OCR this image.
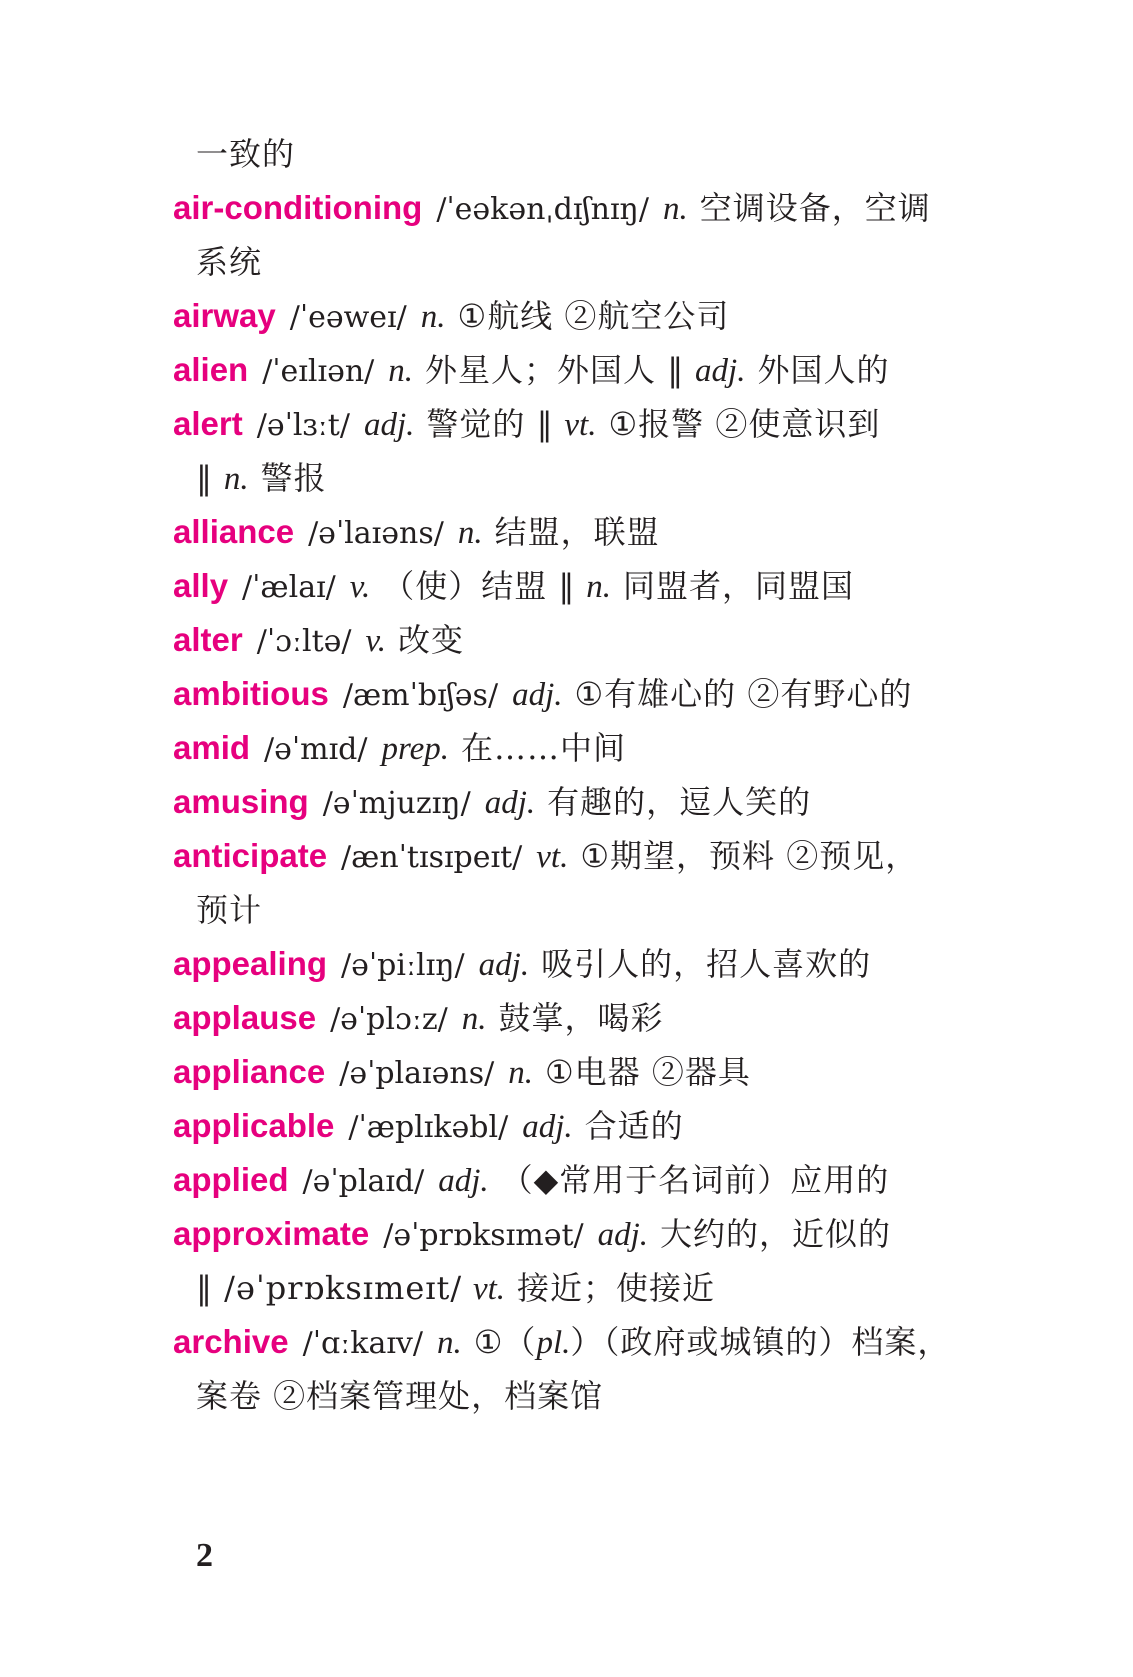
一致的
air-conditioning /ˈeəkənˌdɪʃnɪŋ/ n. 空调设备，空调
系统
airway /ˈeəweɪ/ n. ①航线 ②航空公司
alien /ˈeɪlɪən/ n. 外星人；外国人 ‖ adj. 外国人的
alert /əˈlɜːt/ adj. 警觉的 ‖ vt. ①报警 ②使意识到
‖ n. 警报
alliance /əˈlaɪəns/ n. 结盟，联盟
ally /ˈælaɪ/ v. （使）结盟 ‖ n. 同盟者，同盟国
alter /ˈɔːltə/ v. 改变
ambitious /æmˈbɪʃəs/ adj. ①有雄心的 ②有野心的
amid /əˈmɪd/ prep. 在……中间
amusing /əˈmjuzɪŋ/ adj. 有趣的，逗人笑的
anticipate /ænˈtɪsɪpeɪt/ vt. ①期望，预料 ②预见，
预计
appealing /əˈpiːlɪŋ/ adj. 吸引人的，招人喜欢的
applause /əˈplɔːz/ n. 鼓掌，喝彩
appliance /əˈplaɪəns/ n. ①电器 ②器具
applicable /ˈæplɪkəbl/ adj. 合适的
applied /əˈplaɪd/ adj. （◆常用于名词前）应用的
approximate /əˈprɒksɪmət/ adj. 大约的，近似的
‖ /əˈprɒksɪmeɪt/ vt. 接近；使接近
archive /ˈɑːkaɪv/ n. ①（pl.）（政府或城镇的）档案，
案卷 ②档案管理处，档案馆
2
